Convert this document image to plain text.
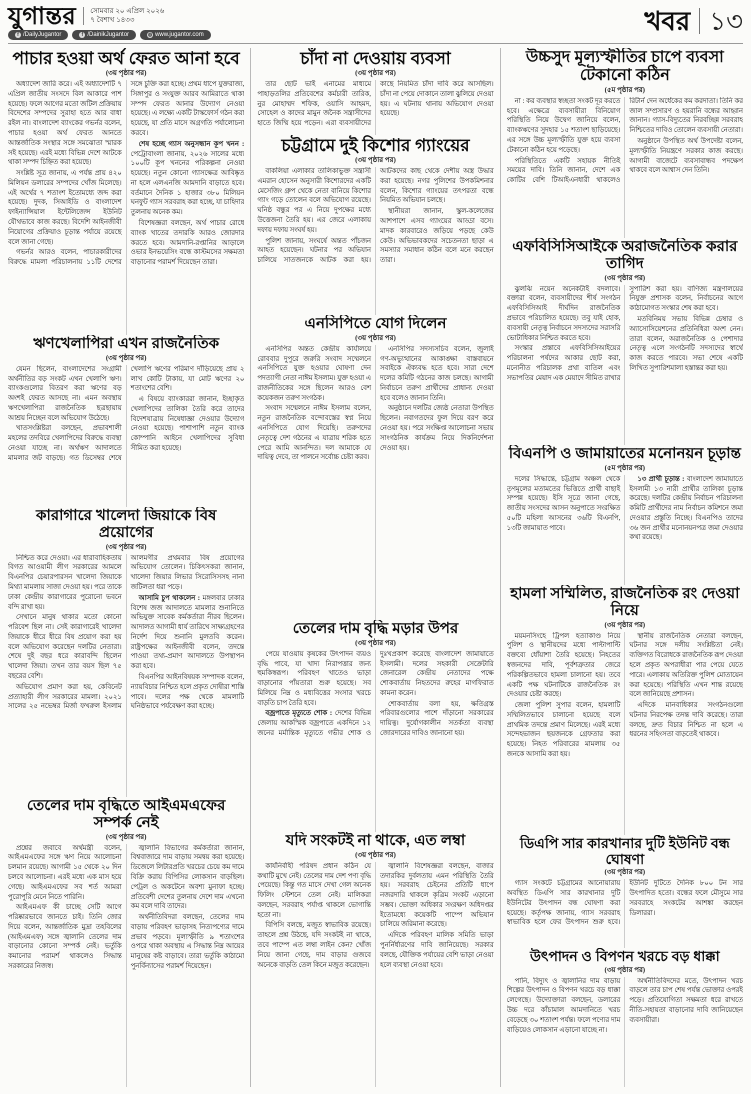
যুগান্তর সোমবার ২০ এপ্রিল ২০২৬
৭ বৈশাখ ১৪৩৩
f /DailyJugantor	f /DainikJugantor	◍ www.jugantor.com	খবর ১৩
পাচার হওয়া অর্থ ফেরত আনা হবে
(৩য় পৃষ্ঠার পর)

অধ্যাদেশ জারি করে। এই অধ্যাদেশটি ৭ এপ্রিল জাতীয় সংসদে বিল আকারে পাশ হয়েছে। ফলে আগের মতো জটিল প্রক্রিয়ায় বিদেশের সম্পদের সুরাহা হতে আর বাধা রইল না। বাংলাদেশ ব্যাংকের গভর্নর বলেন, পাচার হওয়া অর্থ ফেরত আনতে আন্তর্জাতিক সংস্থার সঙ্গে সমঝোতা স্মারক সই হয়েছে। এরই মধ্যে বিভিন্ন দেশে আটকে থাকা সম্পদ চিহ্নিত করা হয়েছে।

সংশ্লিষ্ট সূত্র জানায়, এ পর্যন্ত প্রায় ৪২০ মিলিয়ন ডলারের সম্পদের খোঁজ মিলেছে। এই অর্থের ৭ শতাংশ ইতোমধ্যে জব্দ করা হয়েছে। দুদক, সিআইডি ও বাংলাদেশ ফাইন্যান্সিয়াল ইন্টেলিজেন্স ইউনিট যৌথভাবে কাজ করছে। বিদেশি আইনজীবী নিয়োগের প্রক্রিয়াও চূড়ান্ত পর্যায়ে রয়েছে বলে জানা গেছে।

গভর্নর আরও বলেন, পাচারকারীদের বিরুদ্ধে মামলা পরিচালনায় ১১টি দেশের সঙ্গে চুক্তি করা হচ্ছে। প্রথম ধাপে যুক্তরাজ্য, সিঙ্গাপুর ও সংযুক্ত আরব আমিরাতে থাকা সম্পদ ফেরত আনার উদ্যোগ নেওয়া হয়েছে। এ লক্ষ্যে একটি টাস্কফোর্স গঠন করা হয়েছে, যা প্রতি মাসে অগ্রগতি পর্যালোচনা করবে।

শেষ হচ্ছে গ্যাস অনুসন্ধান কূপ খনন : পেট্রোবাংলা জানায়, ২০২৬ সালের মধ্যে ১০০টি কূপ খননের পরিকল্পনা নেওয়া হয়েছে। নতুন কোনো গ্যাসক্ষেত্র আবিষ্কৃত না হলে এলএনজি আমদানি বাড়াতে হবে। বর্তমানে দৈনিক ১ হাজার ৩৮০ মিলিয়ন ঘনফুট গ্যাস সরবরাহ করা হচ্ছে, যা চাহিদার তুলনায় অনেক কম।

বিশেষজ্ঞরা বলছেন, অর্থ পাচার রোধে ব্যাংক খাতের তদারকি আরও জোরদার করতে হবে। আমদানি-রপ্তানির আড়ালে ওভার ইনভয়েসিং বন্ধে কাস্টমসের সক্ষমতা বাড়ানোর পরামর্শ দিয়েছেন তারা।

ঋণখেলাপিরা এখন রাজনৈতিক
(৩য় পৃষ্ঠার পর)

যেমন ছিলেন, বাংলাদেশের সংগ্রামী অর্থনীতির বড় সংকট এখন খেলাপি ঋণ। ব্যাংকগুলোর বিতরণ করা ঋণের বড় অংশই ফেরত আসছে না। এমন অবস্থায় ঋণখেলাপিরা রাজনৈতিক ছত্রছায়ায় আশ্রয় নিচ্ছেন বলে অভিযোগ উঠেছে।

খাতসংশ্লিষ্টরা বলছেন, প্রভাবশালী মহলের তদবিরে খেলাপিদের বিরুদ্ধে ব্যবস্থা নেওয়া যাচ্ছে না। অর্থঋণ আদালতে মামলার জট বাড়ছে। গত ডিসেম্বর শেষে খেলাপি ঋণের পরিমাণ দাঁড়িয়েছে প্রায় ২ লাখ কোটি টাকায়, যা মোট ঋণের ২০ শতাংশের বেশি।

এ বিষয়ে ব্যাংকাররা জানান, ইচ্ছাকৃত খেলাপিদের তালিকা তৈরি করে তাদের বিদেশযাত্রায় নিষেধাজ্ঞা দেওয়ার উদ্যোগ নেওয়া হয়েছে। পাশাপাশি নতুন ব্যাংক কোম্পানি আইনে খেলাপিদের সুবিধা সীমিত করা হয়েছে।

কারাগারে খালেদা জিয়াকে বিষ প্রয়োগের
(৩য় পৃষ্ঠার পর)

নিশ্চিত করে দেওয়া। এর ধারাবাহিকতায় বিগত আওয়ামী লীগ সরকারের আমলে বিএনপির চেয়ারপারসন খালেদা জিয়াকে মিথ্যা মামলায় সাজা দেওয়া হয়। পরে তাকে ঢাকা কেন্দ্রীয় কারাগারের পুরোনো ভবনে বন্দি রাখা হয়।

সেখানে মানুষ থাকার মতো কোনো পরিবেশ ছিল না। সেই কারাগারেই খালেদা জিয়াকে ধীরে ধীরে বিষ প্রয়োগ করা হয় বলে অভিযোগ করেছেন দলটির নেতারা। শেষে দুই বছর ধরে কারাবন্দি ছিলেন খালেদা জিয়া। তখন তার বয়স ছিল ৭৫ বছরের বেশি।

অভিযোগ প্রমাণ করা হয়, কেবিনেট প্রত্যাহারী লীগ সরকারের মামলা। ২০২১ সালের ২৫ নভেম্বর মির্জা ফখরুল ইসলাম আলমগীর প্রথমবার বিষ প্রয়োগের অভিযোগ তোলেন। চিকিৎসকরা জানান, খালেদা জিয়ার লিভার সিরোসিসসহ নানা জটিলতা ধরা পড়ে।

আসামি চুপ থাকলেন : মঙ্গলবার ঢাকার বিশেষ জজ আদালতে মামলার শুনানিতে অভিযুক্ত সাবেক কর্মকর্তারা নীরব ছিলেন। আদালত আগামী ধার্য তারিখে সাক্ষ্যগ্রহণের নির্দেশ দিয়ে শুনানি মুলতবি করেন। রাষ্ট্রপক্ষের আইনজীবী বলেন, তদন্তে পাওয়া তথ্য-প্রমাণ আদালতে উপস্থাপন করা হবে।

বিএনপির আইনবিষয়ক সম্পাদক বলেন, ন্যায়বিচার নিশ্চিত হলে প্রকৃত দোষীরা শাস্তি পাবে। দলের পক্ষ থেকে মামলাটি ঘনিষ্ঠভাবে পর্যবেক্ষণ করা হচ্ছে।

তেলের দাম বৃদ্ধিতে আইএমএফের সম্পর্ক নেই
(৩য় পৃষ্ঠার পর)

প্রশ্নের জবাবে অর্থমন্ত্রী বলেন, আইএমএফের সঙ্গে ঋণ নিয়ে আলোচনা চলমান রয়েছে। আগামী ১৫ থেকে ২০ দিন চলবে আলোচনা। এরই মধ্যে এক মাস হয়ে গেছে। আইএমএফের সব শর্ত আমরা পুরোপুরি মেনে নিতে পারিনি।

আইএমএফ কী চাচ্ছে সেটি আগে পরিষ্কারভাবে জানতে চাই। তিনি জোর দিয়ে বলেন, আন্তর্জাতিক মুদ্রা তহবিলের (আইএমএফ) সঙ্গে জ্বালানি তেলের দাম বাড়ানোর কোনো সম্পর্ক নেই। ভর্তুকি কমানোর পরামর্শ থাকলেও সিদ্ধান্ত সরকারের নিজস্ব।

জ্বালানি বিভাগের কর্মকর্তারা জানান, বিশ্ববাজারে দাম বাড়ায় সমন্বয় করা হয়েছে। ডিজেলে লিটারপ্রতি খরচের চেয়ে কম দামে বিক্রি করায় বিপিসির লোকসান বাড়ছিল। পেট্রল ও অকটেনে অবশ্য মুনাফা হচ্ছে। প্রতিবেশী দেশের তুলনায় দেশে দাম এখনো কম বলে দাবি তাদের।

অর্থনীতিবিদরা বলছেন, তেলের দাম বাড়ায় পরিবহণ ভাড়াসহ নিত্যপণ্যের দামে প্রভাব পড়বে। মূল্যস্ফীতি ৯ শতাংশের ওপরে থাকা অবস্থায় এ সিদ্ধান্ত নিম্ন আয়ের মানুষের কষ্ট বাড়াবে। তারা ভর্তুকি কাঠামো পুনর্বিন্যাসের পরামর্শ দিয়েছেন।

চাঁদা না দেওয়ায় ব্যবসা
(৩য় পৃষ্ঠার পর)

তার ছোট ভাই এনামের মাধ্যমে পাহাড়তলির প্রতিবেশের কর্মচারী তারিক, নুর মোহাম্মদ শফিক, ওয়াসি আহমদ, সোহেল ও কাদের মামুন জনৈক সন্ত্রাসীদের হাতে জিম্মি হয়ে পড়েন। এরা ব্যবসায়ীদের কাছে নিয়মিত চাঁদা দাবি করে আসছিল। চাঁদা না পেয়ে দোকানে তালা ঝুলিয়ে দেওয়া হয়। এ ঘটনায় থানায় অভিযোগ দেওয়া হয়েছে।

চট্টগ্রামে দুই কিশোর গ্যাংয়ের
(৩য় পৃষ্ঠার পর)

বাকলিয়া এলাকার তালিকাভুক্ত সন্ত্রাসী এমরান হোসেন অনুসারী কিশোরদের একটি মেসেজিং গ্রুপ থেকে নেতা বানিয়ে কিশোর গ্যাং গড়ে তোলেন বলে অভিযোগ রয়েছে। ঘনিষ্ঠ বন্ধুর পর এ নিয়ে দুপক্ষের মধ্যে উত্তেজনা তৈরি হয়। এর জেরে এলাকায় দফায় দফায় সংঘর্ষ হয়।

পুলিশ জানায়, সংঘর্ষে অন্তত পাঁচজন আহত হয়েছেন। ঘটনার পর অভিযান চালিয়ে সাতজনকে আটক করা হয়। আটকদের কাছ থেকে দেশীয় অস্ত্র উদ্ধার করা হয়েছে। নগর পুলিশের উপকমিশনার বলেন, কিশোর গ্যাংয়ের তৎপরতা বন্ধে নিয়মিত অভিযান চলছে।

স্থানীয়রা জানান, স্কুল-কলেজের আশপাশে এসব গ্যাংয়ের আড্ডা বসে। মাদক কারবারেও জড়িয়ে পড়ছে কেউ কেউ। অভিভাবকদের সচেতনতা ছাড়া এ সমস্যার সমাধান কঠিন বলে মনে করছেন তারা।

এনসিপিতে যোগ দিলেন
(৩য় পৃষ্ঠার পর)

এনসিপির অন্তত কেন্দ্রীয় কার্যালয়ে রোববার দুপুরে জরুরি সংবাদ সম্মেলনে এনসিপিতে যুক্ত হওয়ার ঘোষণা দেন পদত্যাগী নেতা নাঈম ইসলাম। যুক্ত হওয়া এ রাজনীতিকের সঙ্গে ছিলেন আরও বেশ কয়েকজন তরুণ সংগঠক।

সংবাদ সম্মেলনে নাঈম ইসলাম বলেন, নতুন রাজনৈতিক বন্দোবস্তের স্বপ্ন নিয়ে এনসিপিতে যোগ দিয়েছি। তরুণদের নেতৃত্বে দেশ গঠনের এ যাত্রায় শরিক হতে পেরে আমি আনন্দিত। দল আমাকে যে দায়িত্ব দেবে, তা পালনে সর্বোচ্চ চেষ্টা করব।

এনসিপির সদস্যসচিব বলেন, জুলাই গণ-অভ্যুত্থানের আকাঙ্ক্ষা বাস্তবায়নে সবাইকে ঐক্যবদ্ধ হতে হবে। সারা দেশে দলের কমিটি গঠনের কাজ চলছে। আগামী নির্বাচনে তরুণ প্রার্থীদের প্রাধান্য দেওয়া হবে বলেও জানান তিনি।

অনুষ্ঠানে দলটির জ্যেষ্ঠ নেতারা উপস্থিত ছিলেন। নবাগতদের ফুল দিয়ে বরণ করে নেওয়া হয়। পরে সংক্ষিপ্ত আলোচনা সভায় সাংগঠনিক কার্যক্রম নিয়ে দিকনির্দেশনা দেওয়া হয়।

তেলের দাম বৃদ্ধি মড়ার উপর
(৩য় পৃষ্ঠার পর)

পেয়ে যাওয়ায় কৃষকের উৎপাদন ব্যয়ও বৃদ্ধি পাবে, যা খাদ্য নিরাপত্তার জন্য হুমকিস্বরূপ। পরিবহণ খাতেও ভাড়া বাড়ানোর পাঁয়তারা শুরু হয়েছে। সব মিলিয়ে নিম্ন ও মধ্যবিত্তের সংসার খরচে বাড়তি চাপ তৈরি হবে।

বজ্রপাতে মৃত্যুতে শোক : দেশের বিভিন্ন জেলায় আকস্মিক বজ্রপাতে একদিনে ১২ জনের মর্মান্তিক মৃত্যুতে গভীর শোক ও দুঃখপ্রকাশ করেছে বাংলাদেশ জামায়াতে ইসলামী। দলের সহকারী সেক্রেটারি জেনারেল কেন্দ্রীয় নেতাদের পক্ষে শোকবার্তায় নিহতদের রুহের মাগফিরাত কামনা করেন।

শোকবার্তায় বলা হয়, ক্ষতিগ্রস্ত পরিবারগুলোর পাশে দাঁড়ানো সরকারের দায়িত্ব। দুর্যোগকালীন সতর্কতা ব্যবস্থা জোরদারের দাবিও জানানো হয়।

যদি সংকটই না থাকে, এত লম্বা
(৩য় পৃষ্ঠার পর)

কার্যনির্বাহী পরিষদ প্রধান কঠিন যে কথাটি মুখে নেই। তেলের দাম দেশ পণ্য বৃদ্ধি পেয়েছে। কিন্তু গত মাসে দেখা গেল অনেক ফিলিং স্টেশনে তেল নেই। মালিকরা বলছেন, সরবরাহ পর্যাপ্ত থাকলে ভোগান্তি হতো না।

বিপিসি বলছে, মজুত স্বাভাবিক রয়েছে। তাহলে প্রশ্ন উঠছে, যদি সংকটই না থাকে, তবে পাম্পে এত লম্বা লাইন কেন? খোঁজ নিয়ে জানা গেছে, দাম বাড়ার গুজবে অনেকে বাড়তি তেল কিনে মজুত করেছেন।

জ্বালানি বিশেষজ্ঞরা বলছেন, বাজার তদারকির দুর্বলতায় এমন পরিস্থিতি তৈরি হয়। সরবরাহ চেইনের প্রতিটি ধাপে নজরদারি থাকলে কৃত্রিম সংকট এড়ানো সম্ভব। ভোক্তা অধিকার সংরক্ষণ অধিদপ্তর ইতোমধ্যে কয়েকটি পাম্পে অভিযান চালিয়ে জরিমানা করেছে।

এদিকে পরিবহণ মালিক সমিতি ভাড়া পুনর্নির্ধারণের দাবি জানিয়েছে। সরকার বলছে, যৌক্তিক পর্যায়ের বেশি ভাড়া নেওয়া হলে ব্যবস্থা নেওয়া হবে।

উচ্চসুদ মূল্যস্ফীতির চাপে ব্যবসা টেকানো কঠিন
(৫ম পৃষ্ঠার পর)

না : কর ব্যবস্থার স্বচ্ছতা সংকট দূর করতে হবে। এক্ষেত্রে ব্যবসায়ীরা বিনিয়োগ পরিস্থিতি নিয়ে উদ্বেগ জানিয়ে বলেন, ব্যাংকঋণের সুদহার ১৫ শতাংশ ছাড়িয়েছে। এর সঙ্গে উচ্চ মূল্যস্ফীতি যুক্ত হয়ে ব্যবসা টেকানো কঠিন হয়ে পড়েছে।

পরিস্থিতিতে একটি সহায়ক নীতিই সময়ের দাবি। তিনি জানান, দেশে এক কোটির বেশি টিআইএনধারী থাকলেও রিটার্ন দেন অর্ধেকের কম করদাতা। তিনি কর জাল সম্প্রসারণ ও হয়রানি বন্ধের আহ্বান জানান। গ্যাস-বিদ্যুতের নিরবচ্ছিন্ন সরবরাহ নিশ্চিতের দাবিও তোলেন ব্যবসায়ী নেতারা।

অনুষ্ঠানে উপস্থিত অর্থ উপদেষ্টা বলেন, মূল্যস্ফীতি নিয়ন্ত্রণে সরকার কাজ করছে। আগামী বাজেটে ব্যবসাবান্ধব পদক্ষেপ থাকবে বলে আশ্বাস দেন তিনি।

এফবিসিসিআইকে অরাজনৈতিক করার তাগিদ
(৩য় পৃষ্ঠার পর)

ঝুলঝি নয়েন অনেকটাই বদলাবে। বক্তারা বলেন, ব্যবসায়ীদের শীর্ষ সংগঠন এফবিসিসিআই দীর্ঘদিন রাজনৈতিক প্রভাবে পরিচালিত হয়েছে। তবু যাই হোক, ব্যবসায়ী নেতৃত্ব নির্বাচনে সদস্যদের সরাসরি ভোটাধিকার নিশ্চিত করতে হবে।

সংস্কার প্রস্তাবে এফবিসিসিআইয়ের পরিচালনা পর্ষদের আকার ছোট করা, মনোনীত পরিচালক প্রথা বাতিল এবং সভাপতির মেয়াদ এক মেয়াদে সীমিত রাখার সুপারিশ করা হয়। বাণিজ্য মন্ত্রণালয়ের নিযুক্ত প্রশাসক বলেন, নির্বাচনের আগে কাঠামোগত সংস্কার শেষ করা হবে।

মতবিনিময় সভায় বিভিন্ন চেম্বার ও অ্যাসোসিয়েশনের প্রতিনিধিরা অংশ নেন। তারা বলেন, অরাজনৈতিক ও পেশাদার নেতৃত্ব এলে সংগঠনটি সদস্যদের স্বার্থে কাজ করতে পারবে। সভা শেষে একটি লিখিত সুপারিশমালা হস্তান্তর করা হয়।

বিএনপি ও জামায়াতের মনোনয়ন চূড়ান্ত
(৫ম পৃষ্ঠার পর)

দলের সিদ্ধান্তে, চট্টগ্রাম অঞ্চল থেকে তৃণমূলের মতামতের ভিত্তিতে প্রার্থী বাছাই সম্পন্ন হয়েছে। ইসি সূত্রে জানা গেছে, জাতীয় সংসদের আসন অনুপাতে সংরক্ষিত ৫০টি মহিলা আসনের ৩৬টি বিএনপি, ১৩টি জামায়াত পাবে।

১৩ প্রার্থী চূড়ান্ত : বাংলাদেশ জামায়াতে ইসলামী ১৩ নারী প্রার্থীর তালিকা চূড়ান্ত করেছে। দলটির কেন্দ্রীয় নির্বাচন পরিচালনা কমিটি প্রার্থীদের নাম নির্বাচন কমিশনে জমা দেওয়ার প্রস্তুতি নিচ্ছে। বিএনপিও তাদের ৩৬ জন প্রার্থীর মনোনয়নপত্র জমা দেওয়ার কথা রয়েছে।

হামলা সম্মিলিত, রাজনৈতিক রং দেওয়া নিয়ে
(৩য় পৃষ্ঠার পর)

ময়মনসিংহে ট্রিপল হত্যাকাণ্ড নিয়ে পুলিশ ও স্থানীয়দের মধ্যে পাল্টাপাল্টি বক্তব্যে ধোঁয়াশা তৈরি হয়েছে। নিহতের স্বজনদের দাবি, পূর্বশত্রুতার জেরে পরিকল্পিতভাবে হামলা চালানো হয়। তবে একটি পক্ষ ঘটনাটিকে রাজনৈতিক রং দেওয়ার চেষ্টা করছে।

জেলা পুলিশ সুপার বলেন, হামলাটি সম্মিলিতভাবে চালানো হয়েছে বলে প্রাথমিক তদন্তে প্রমাণ মিলেছে। এরই মধ্যে সন্দেহভাজন ছয়জনকে গ্রেফতার করা হয়েছে। নিহত পরিবারের মামলায় ৩৫ জনকে আসামি করা হয়।

স্থানীয় রাজনৈতিক নেতারা বলছেন, ঘটনার সঙ্গে দলীয় সংশ্লিষ্টতা নেই। ব্যক্তিগত বিরোধকে রাজনৈতিক রূপ দেওয়া হলে প্রকৃত অপরাধীরা পার পেয়ে যেতে পারে। এলাকায় অতিরিক্ত পুলিশ মোতায়েন করা হয়েছে। পরিস্থিতি এখন শান্ত রয়েছে বলে জানিয়েছে প্রশাসন।

এদিকে মানবাধিকার সংগঠনগুলো ঘটনার নিরপেক্ষ তদন্ত দাবি করেছে। তারা বলছে, দ্রুত বিচার নিশ্চিত না হলে এ ধরনের সহিংসতা বাড়তেই থাকবে।

ডিএপি সার কারখানার দুটি ইউনিট বন্ধ ঘোষণা
(৩য় পৃষ্ঠার পর)

গ্যাস সংকটে চট্টগ্রামের আনোয়ারায় অবস্থিত ডিএপি সার কারখানার দুটি ইউনিটের উৎপাদন বন্ধ ঘোষণা করা হয়েছে। কর্তৃপক্ষ জানায়, গ্যাস সরবরাহ স্বাভাবিক হলে ফের উৎপাদন শুরু হবে। ইউনিট দুটিতে দৈনিক ৮০০ টন সার উৎপাদিত হতো। বন্ধের ফলে মৌসুমে সার সরবরাহে সংকটের আশঙ্কা করছেন ডিলাররা।

উৎপাদন ও বিপণন খরচে বড় ধাক্কা
(৩য় পৃষ্ঠার পর)

পানি, বিদ্যুৎ ও জ্বালানির দাম বাড়ায় শিল্পের উৎপাদন ও বিপণন খরচে বড় ধাক্কা লেগেছে। উদ্যোক্তারা বলছেন, ডলারের উচ্চ দরে কাঁচামাল আমদানিতে খরচ বেড়েছে ৩০ শতাংশ পর্যন্ত। ফলে পণ্যের দাম বাড়িয়েও লোকসান এড়ানো যাচ্ছে না।

অর্থনীতিবিদদের মতে, উৎপাদন খরচ বাড়লে তার চাপ শেষ পর্যন্ত ভোক্তার ওপরই পড়ে। প্রতিযোগিতা সক্ষমতা ধরে রাখতে নীতি-সহায়তা বাড়ানোর দাবি জানিয়েছেন ব্যবসায়ীরা।
